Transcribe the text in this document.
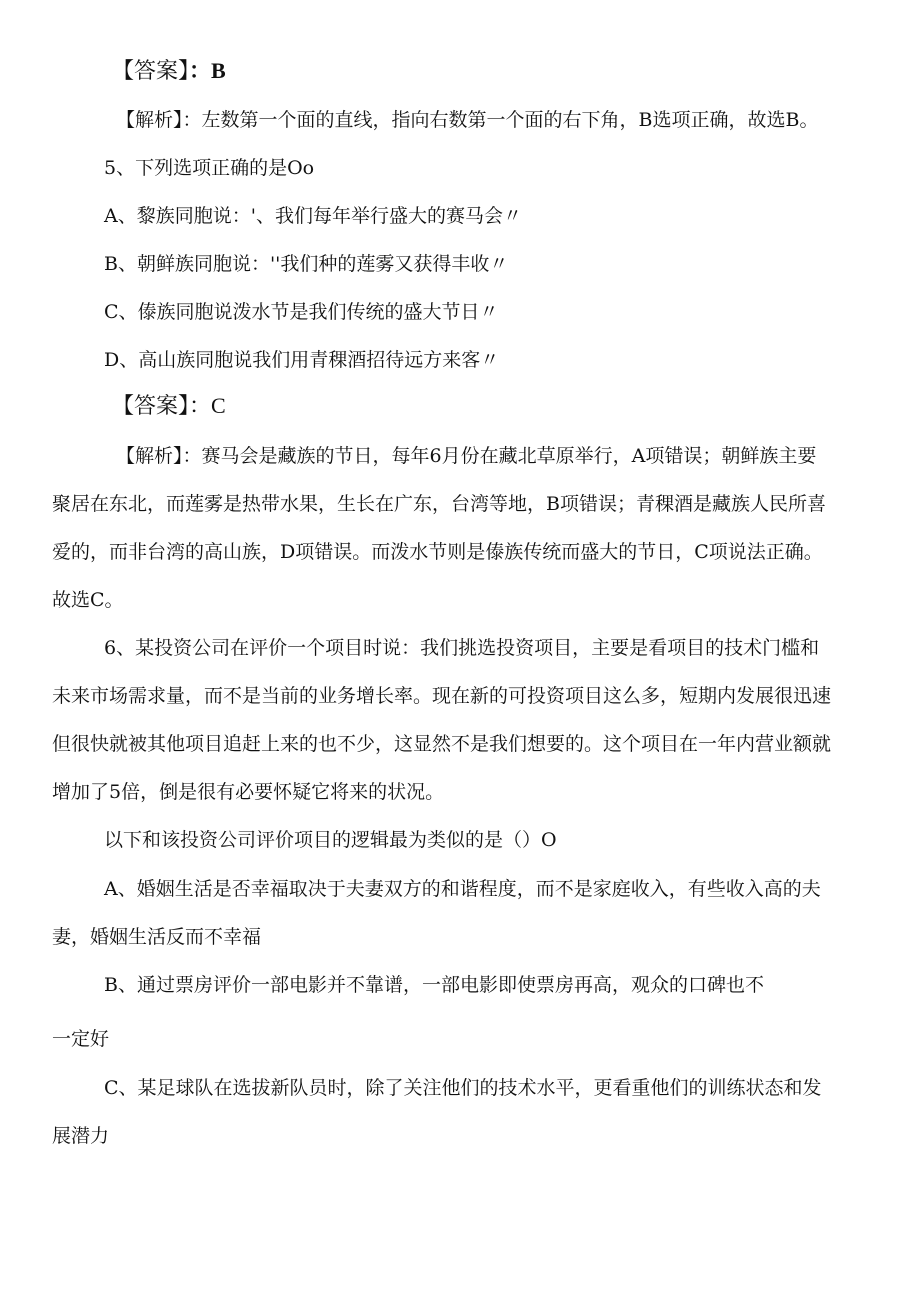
【答案】：B
【解析】：左数第一个面的直线，指向右数第一个面的右下角，B选项正确，故选B。
5、下列选项正确的是Oo
A、黎族同胞说：'、我们每年举行盛大的赛马会〃
B、朝鲜族同胞说：''我们种的莲雾又获得丰收〃
C、傣族同胞说泼水节是我们传统的盛大节日〃
D、高山族同胞说我们用青稞酒招待远方来客〃
【答案】：C
【解析】：赛马会是藏族的节日，每年6月份在藏北草原举行，A项错误；朝鲜族主要
聚居在东北，而莲雾是热带水果，生长在广东，台湾等地，B项错误；青稞酒是藏族人民所喜
爱的，而非台湾的高山族，D项错误。而泼水节则是傣族传统而盛大的节日，C项说法正确。
故选C。
6、某投资公司在评价一个项目时说：我们挑选投资项目，主要是看项目的技术门槛和
未来市场需求量，而不是当前的业务增长率。现在新的可投资项目这么多，短期内发展很迅速
但很快就被其他项目追赶上来的也不少，这显然不是我们想要的。这个项目在一年内营业额就
增加了5倍，倒是很有必要怀疑它将来的状况。
以下和该投资公司评价项目的逻辑最为类似的是（）O
A、婚姻生活是否幸福取决于夫妻双方的和谐程度，而不是家庭收入，有些收入高的夫
妻，婚姻生活反而不幸福
B、通过票房评价一部电影并不靠谱，一部电影即使票房再高，观众的口碑也不
一定好
C、某足球队在选拔新队员时，除了关注他们的技术水平，更看重他们的训练状态和发
展潜力
